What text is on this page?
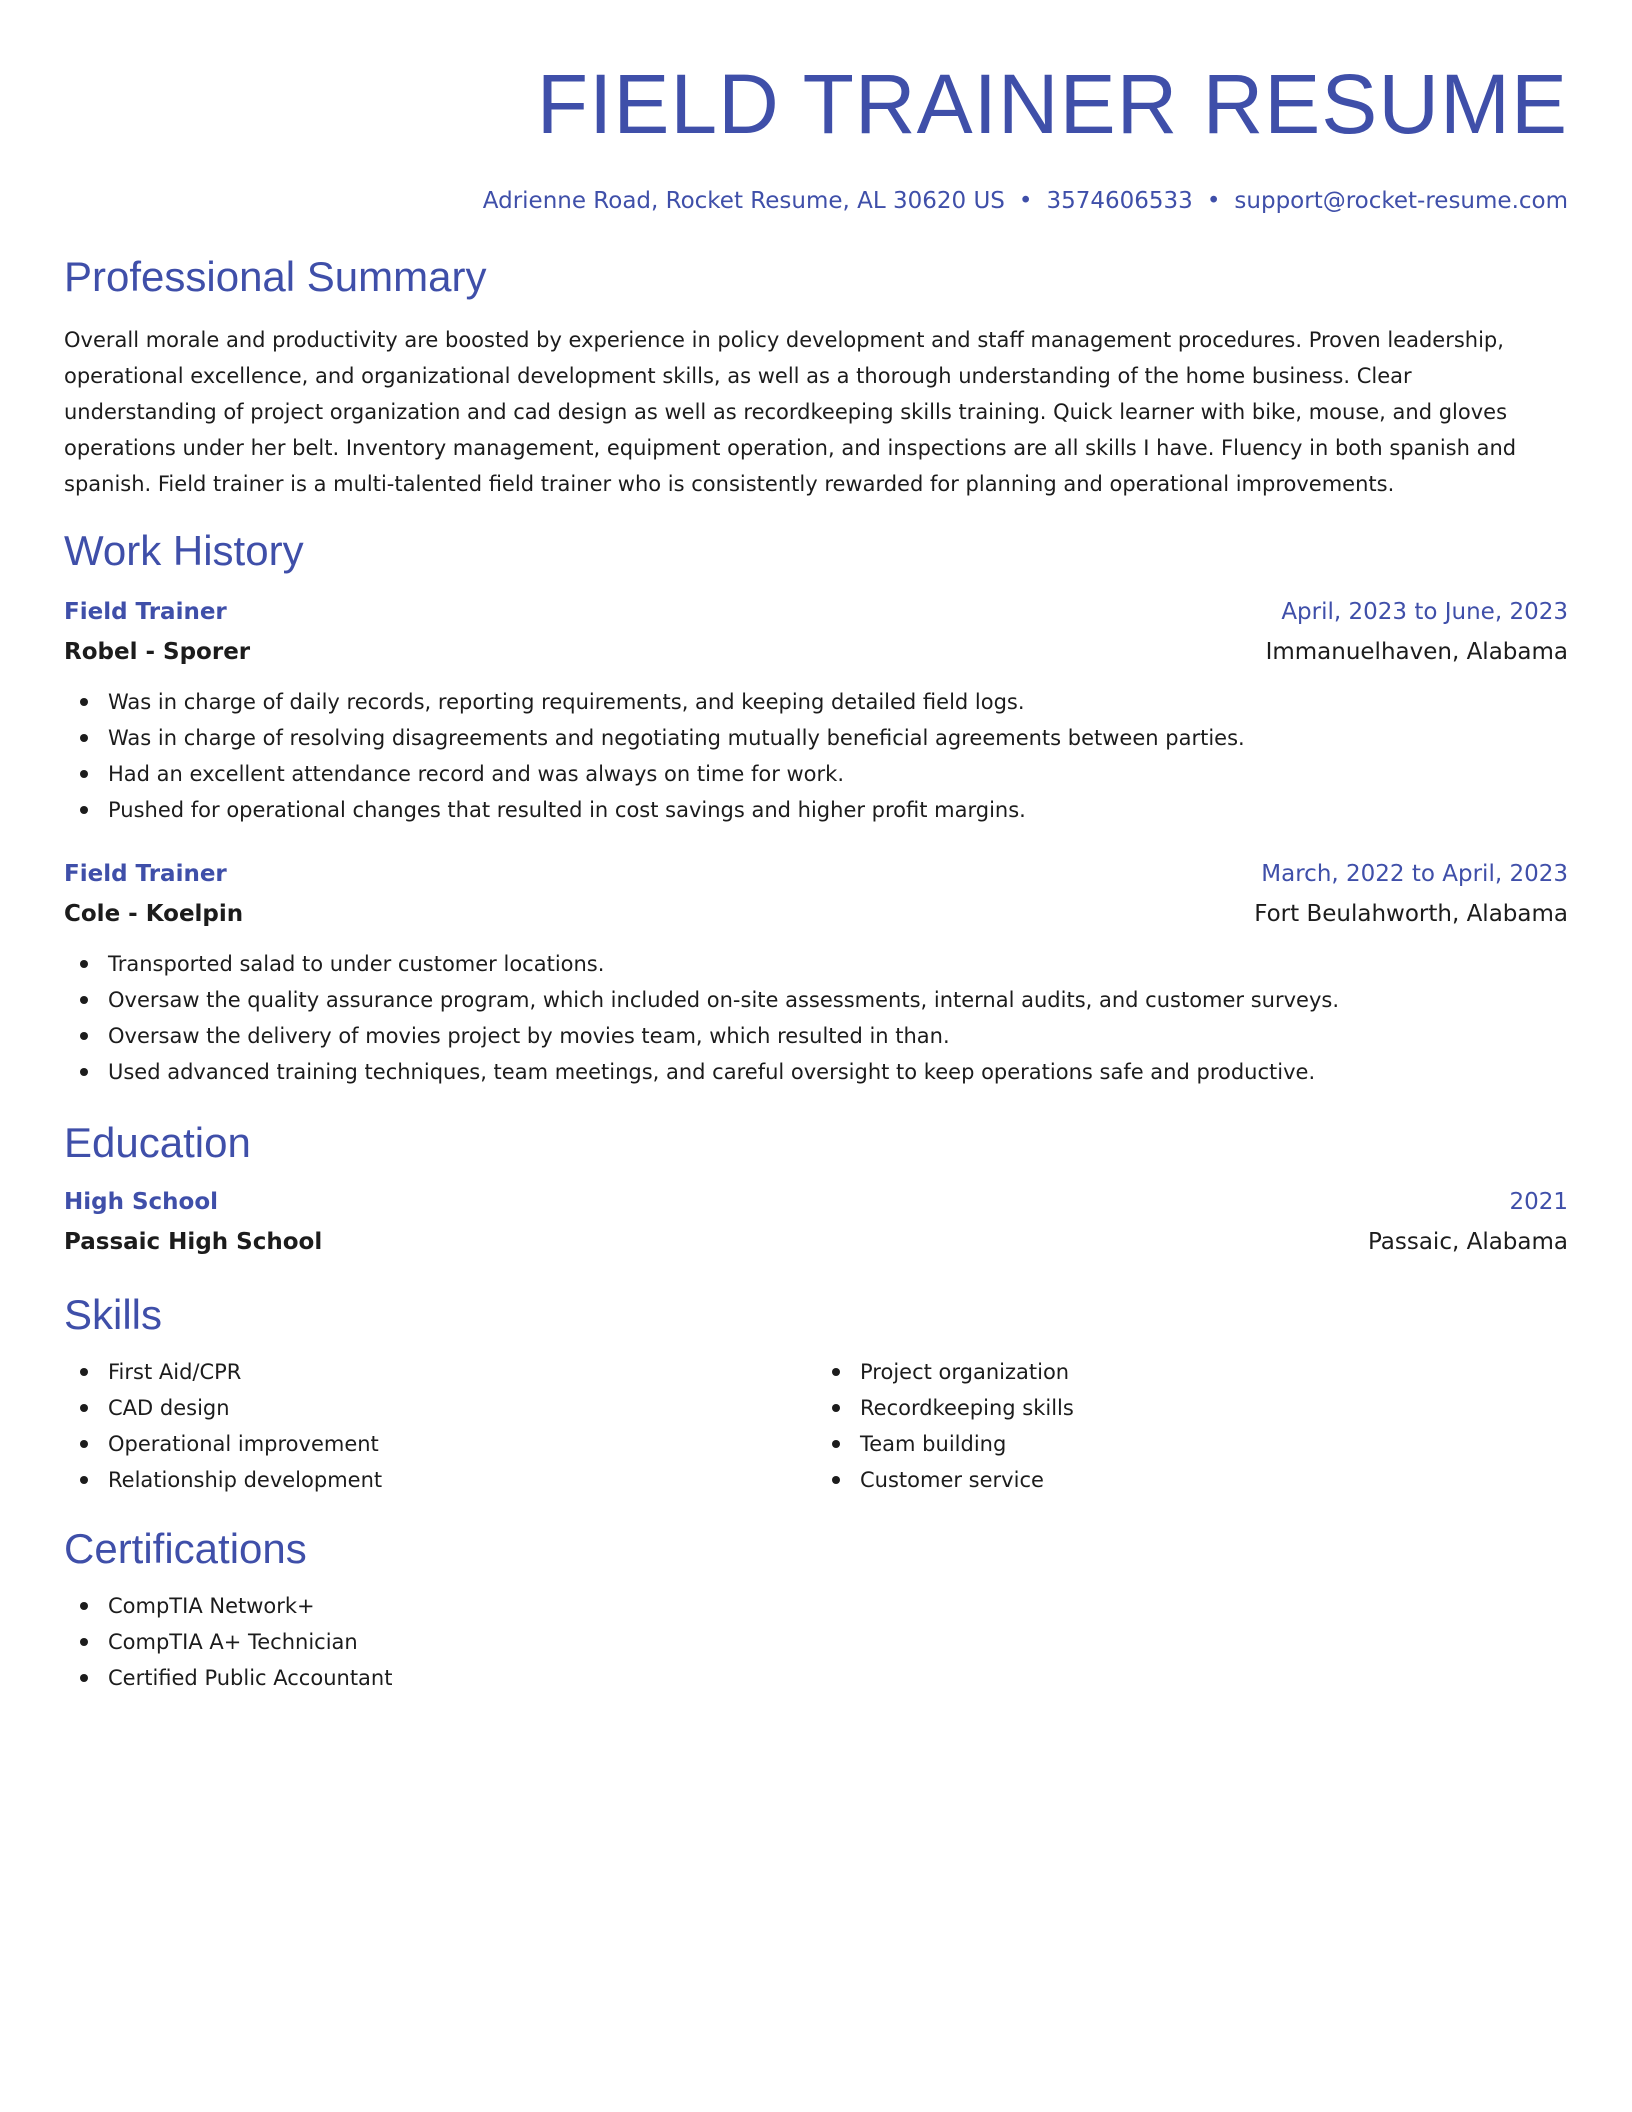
FIELD TRAINER RESUME
Adrienne Road, Rocket Resume, AL 30620 US • 3574606533 • support@rocket-resume.com
Professional Summary

Overall morale and productivity are boosted by experience in policy development and staff management procedures. Proven leadership, operational excellence, and organizational development skills, as well as a thorough understanding of the home business. Clear understanding of project organization and cad design as well as recordkeeping skills training. Quick learner with bike, mouse, and gloves operations under her belt. Inventory management, equipment operation, and inspections are all skills I have. Fluency in both spanish and spanish. Field trainer is a multi-talented field trainer who is consistently rewarded for planning and operational improvements.

Work History
Field Trainer	April, 2023 to June, 2023
Robel - Sporer	Immanuelhaven, Alabama
Was in charge of daily records, reporting requirements, and keeping detailed field logs.
Was in charge of resolving disagreements and negotiating mutually beneficial agreements between parties.
Had an excellent attendance record and was always on time for work.
Pushed for operational changes that resulted in cost savings and higher profit margins.
Field Trainer	March, 2022 to April, 2023
Cole - Koelpin	Fort Beulahworth, Alabama
Transported salad to under customer locations.
Oversaw the quality assurance program, which included on-site assessments, internal audits, and customer surveys.
Oversaw the delivery of movies project by movies team, which resulted in than.
Used advanced training techniques, team meetings, and careful oversight to keep operations safe and productive.
Education
High School	2021
Passaic High School	Passaic, Alabama
Skills
First Aid/CPR
CAD design
Operational improvement
Relationship development
Project organization
Recordkeeping skills
Team building
Customer service
Certifications
CompTIA Network+
CompTIA A+ Technician
Certified Public Accountant
